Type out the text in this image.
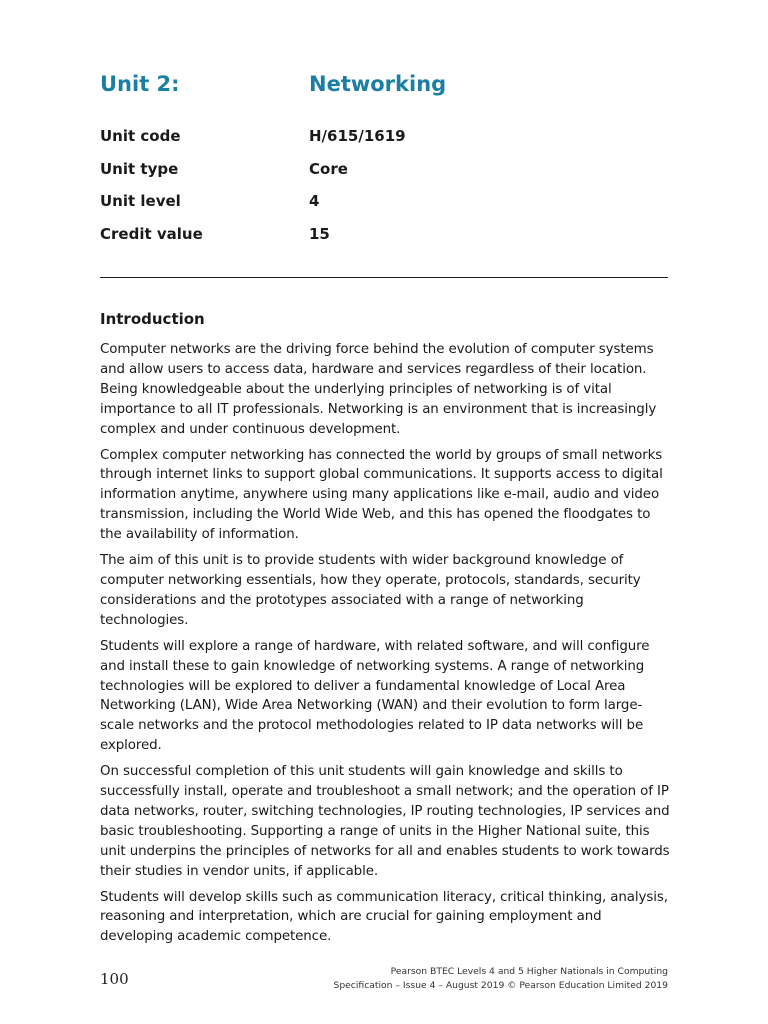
Unit 2:	Networking
Unit code	H/615/1619
Unit type	Core
Unit level	4
Credit value	15
Introduction

Computer networks are the driving force behind the evolution of computer systems and allow users to access data, hardware and services regardless of their location. Being knowledgeable about the underlying principles of networking is of vital importance to all IT professionals. Networking is an environment that is increasingly complex and under continuous development.

Complex computer networking has connected the world by groups of small networks through internet links to support global communications. It supports access to digital information anytime, anywhere using many applications like e-mail, audio and video transmission, including the World Wide Web, and this has opened the floodgates to the availability of information.

The aim of this unit is to provide students with wider background knowledge of computer networking essentials, how they operate, protocols, standards, security considerations and the prototypes associated with a range of networking technologies.

Students will explore a range of hardware, with related software, and will configure and install these to gain knowledge of networking systems. A range of networking technologies will be explored to deliver a fundamental knowledge of Local Area Networking (LAN), Wide Area Networking (WAN) and their evolution to form large-scale networks and the protocol methodologies related to IP data networks will be explored.

On successful completion of this unit students will gain knowledge and skills to successfully install, operate and troubleshoot a small network; and the operation of IP data networks, router, switching technologies, IP routing technologies, IP services and basic troubleshooting. Supporting a range of units in the Higher National suite, this unit underpins the principles of networks for all and enables students to work towards their studies in vendor units, if applicable.

Students will develop skills such as communication literacy, critical thinking, analysis, reasoning and interpretation, which are crucial for gaining employment and developing academic competence.

100	Pearson BTEC Levels 4 and 5 Higher Nationals in Computing
Specification – Issue 4 – August 2019 © Pearson Education Limited 2019
